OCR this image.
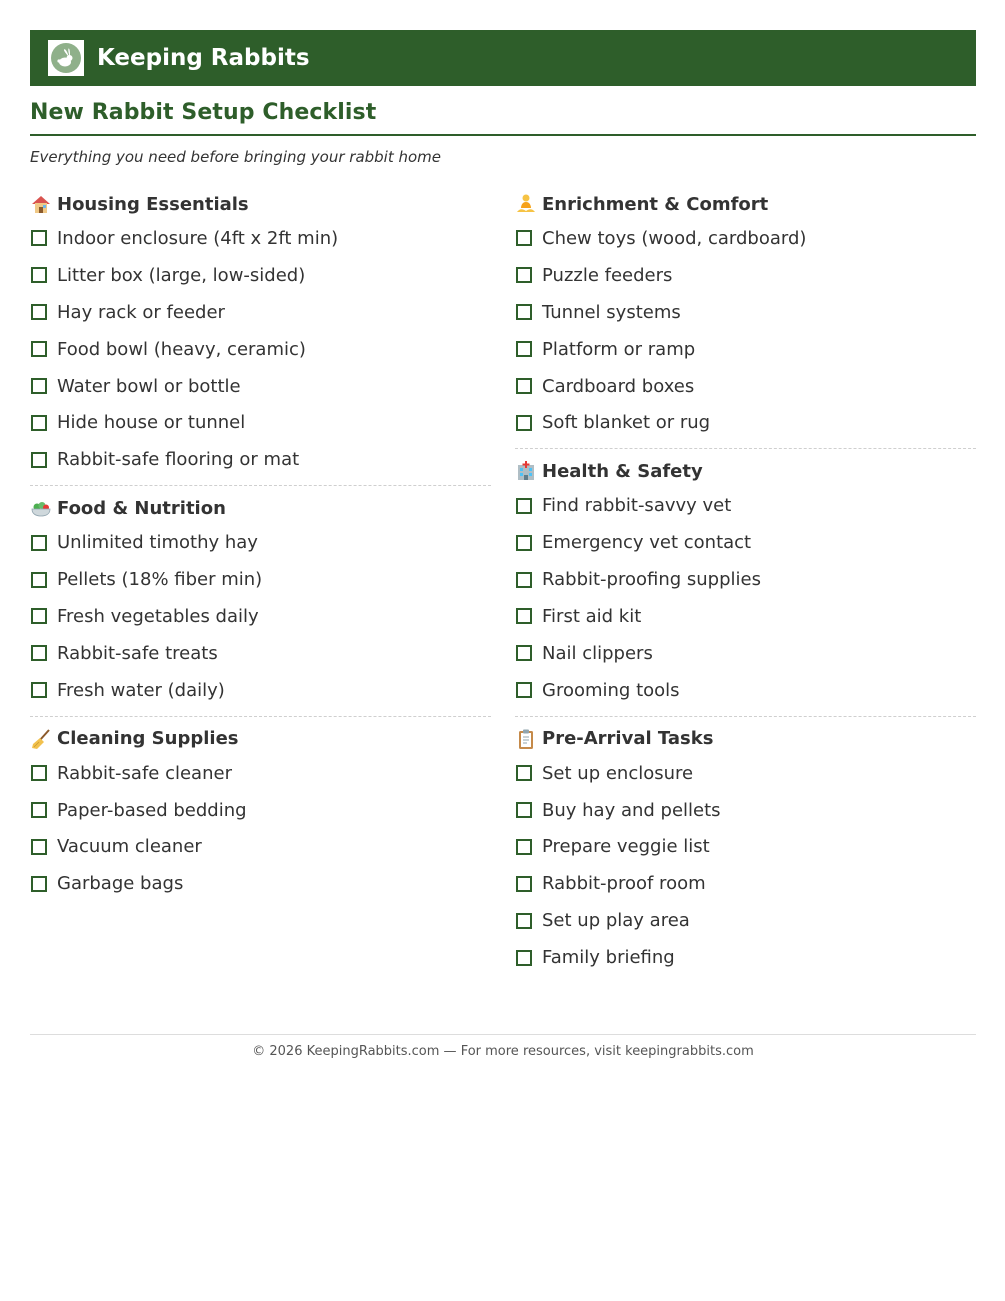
Keeping Rabbits
New Rabbit Setup Checklist
Everything you need before bringing your rabbit home
Housing Essentials
Indoor enclosure (4ft x 2ft min)
Litter box (large, low-sided)
Hay rack or feeder
Food bowl (heavy, ceramic)
Water bowl or bottle
Hide house or tunnel
Rabbit-safe flooring or mat
Food & Nutrition
Unlimited timothy hay
Pellets (18% fiber min)
Fresh vegetables daily
Rabbit-safe treats
Fresh water (daily)
Cleaning Supplies
Rabbit-safe cleaner
Paper-based bedding
Vacuum cleaner
Garbage bags
Enrichment & Comfort
Chew toys (wood, cardboard)
Puzzle feeders
Tunnel systems
Platform or ramp
Cardboard boxes
Soft blanket or rug
Health & Safety
Find rabbit-savvy vet
Emergency vet contact
Rabbit-proofing supplies
First aid kit
Nail clippers
Grooming tools
Pre-Arrival Tasks
Set up enclosure
Buy hay and pellets
Prepare veggie list
Rabbit-proof room
Set up play area
Family briefing
© 2026 KeepingRabbits.com — For more resources, visit keepingrabbits.com
